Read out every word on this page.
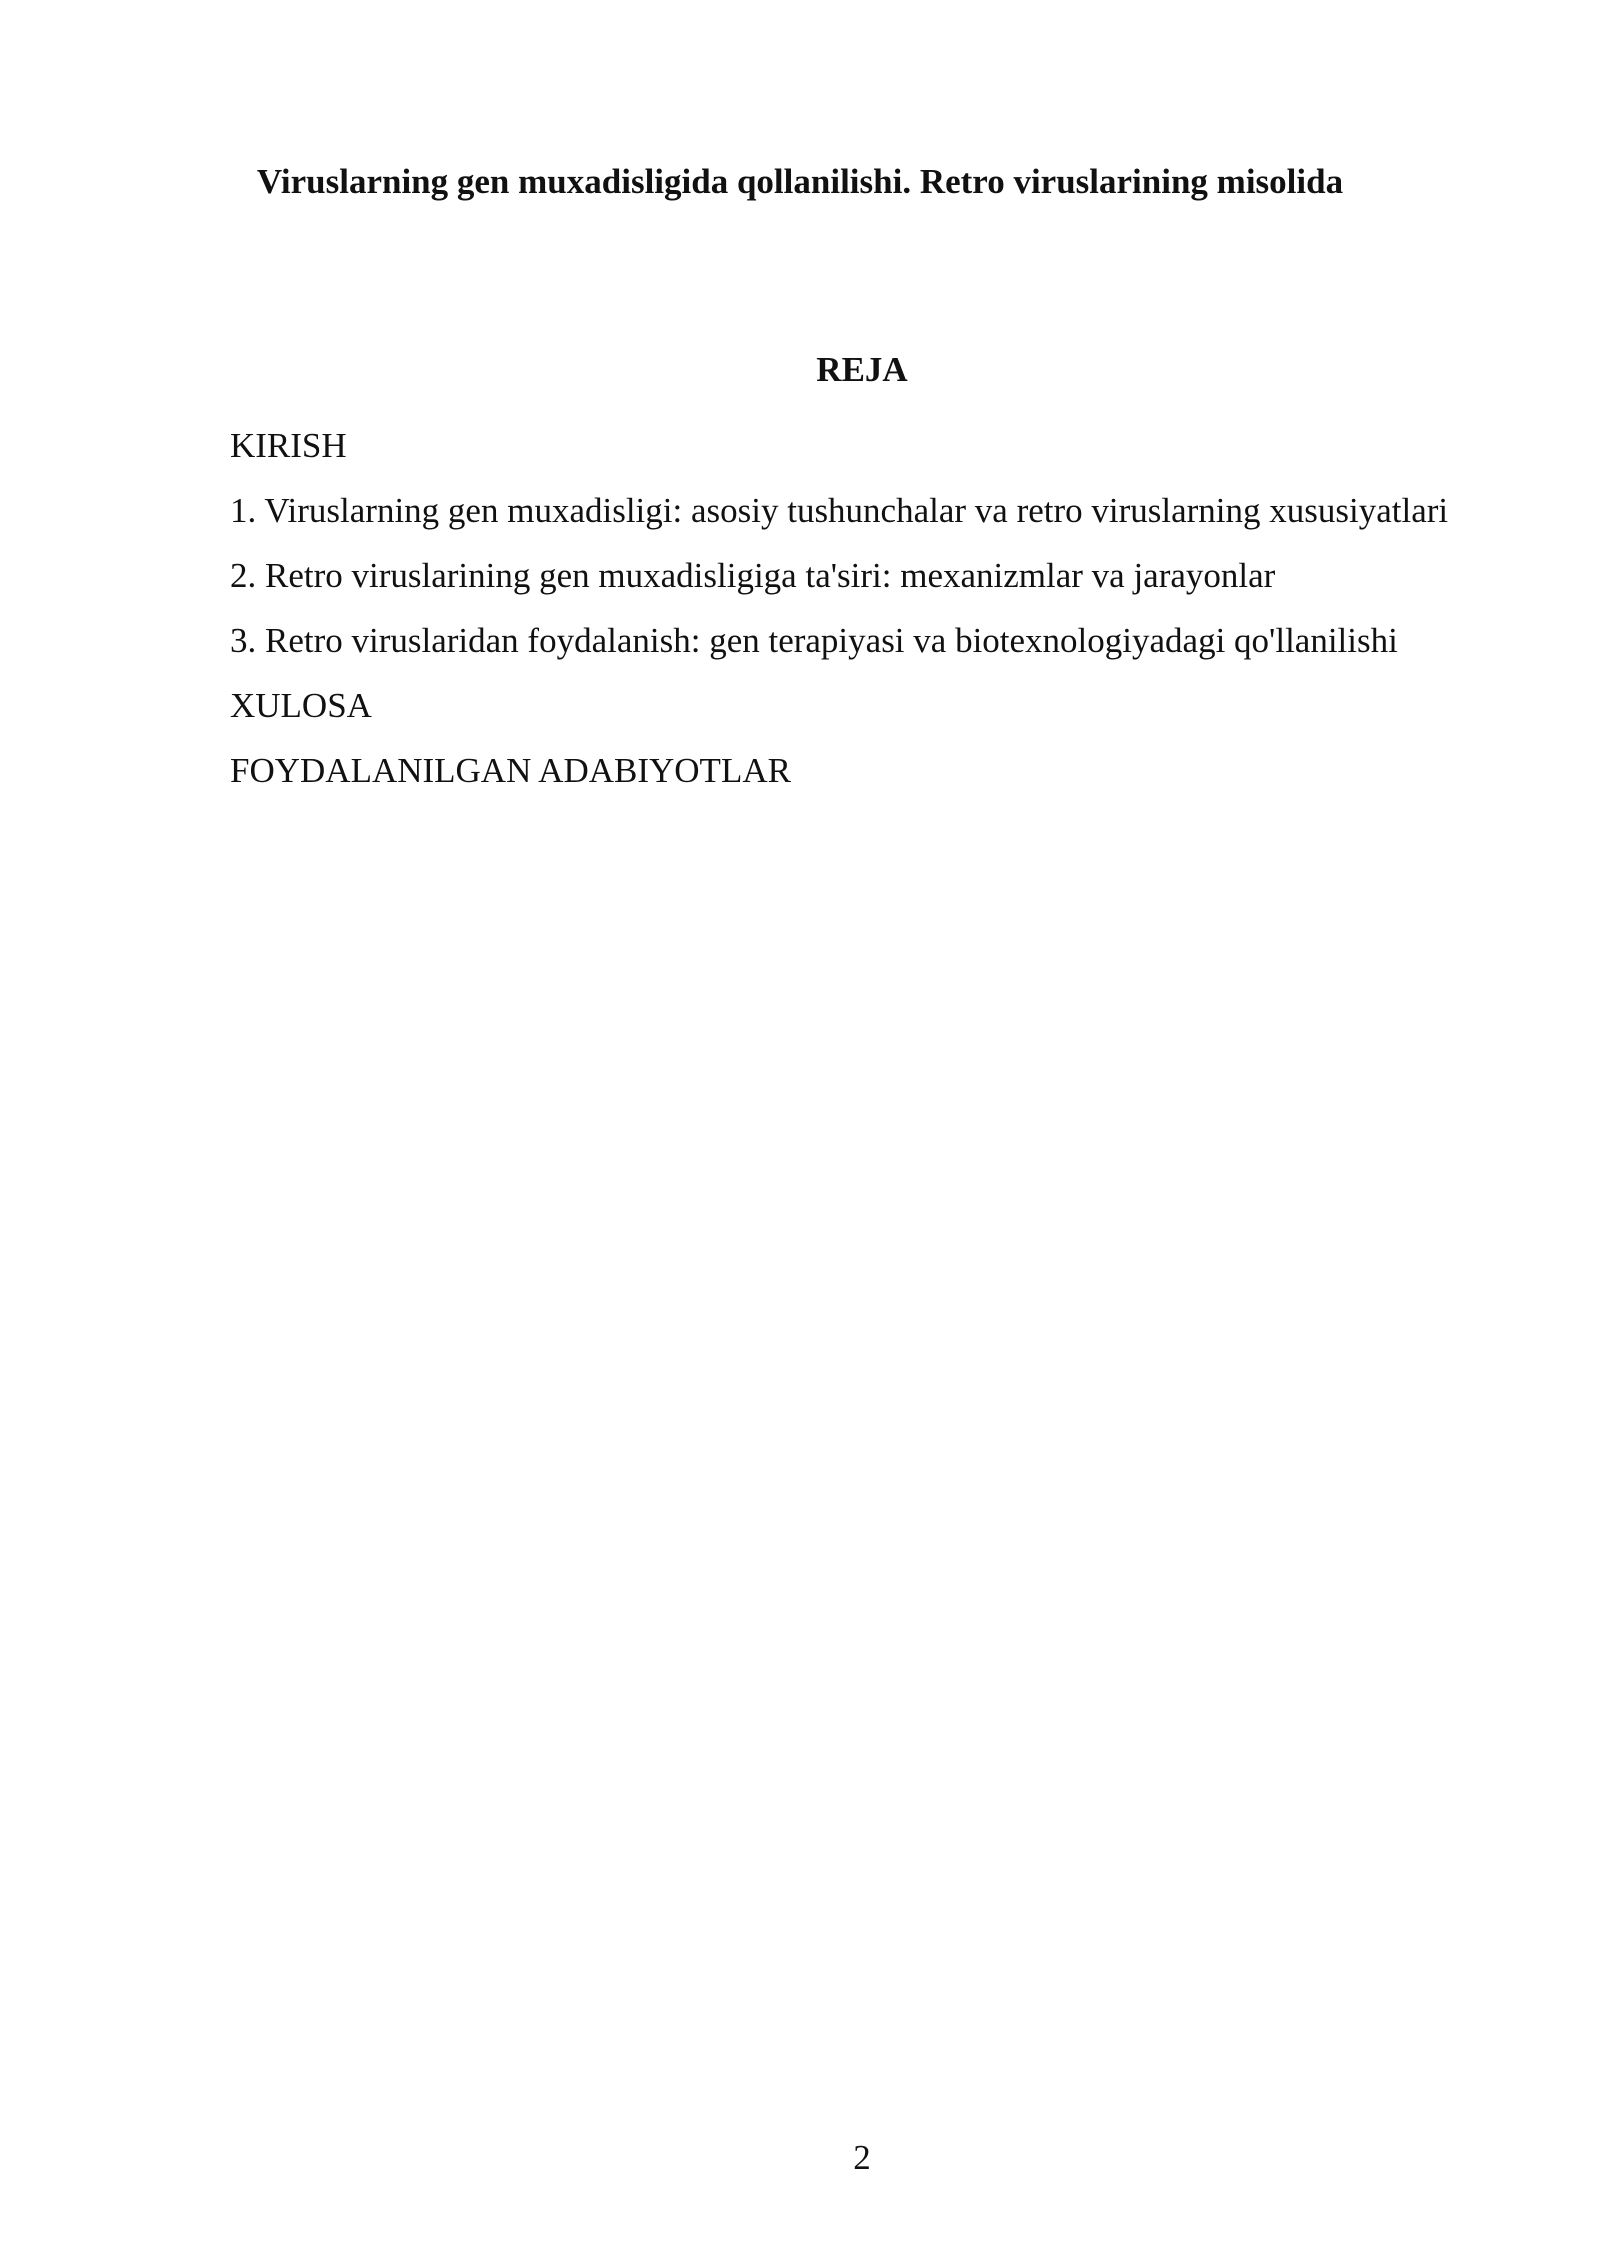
Viruslarning gen muxadisligida qollanilishi. Retro viruslarining misolida
REJA
KIRISH
1. Viruslarning gen muxadisligi: asosiy tushunchalar va retro viruslarning xususiyatlari
2. Retro viruslarining gen muxadisligiga ta'siri: mexanizmlar va jarayonlar
3. Retro viruslaridan foydalanish: gen terapiyasi va biotexnologiyadagi qo'llanilishi
XULOSA
FOYDALANILGAN ADABIYOTLAR
2
